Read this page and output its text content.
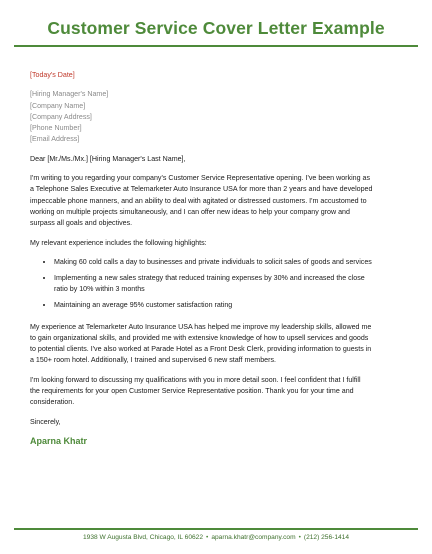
Customer Service Cover Letter Example
[Today's Date]
[Hiring Manager's Name]
[Company Name]
[Company Address]
[Phone Number]
[Email Address]
Dear [Mr./Ms./Mx.] [Hiring Manager's Last Name],
I'm writing to you regarding your company's Customer Service Representative opening. I've been working as
a Telephone Sales Executive at Telemarketer Auto Insurance USA for more than 2 years and have developed
impeccable phone manners, and an ability to deal with agitated or distressed customers. I'm accustomed to
working on multiple projects simultaneously, and I can offer new ideas to help your company grow and
surpass all goals and objectives.
My relevant experience includes the following highlights:
• Making 60 cold calls a day to businesses and private individuals to solicit sales of goods and services
• Implementing a new sales strategy that reduced training expenses by 30% and increased the close
ratio by 10% within 3 months
• Maintaining an average 95% customer satisfaction rating
My experience at Telemarketer Auto Insurance USA has helped me improve my leadership skills, allowed me
to gain organizational skills, and provided me with extensive knowledge of how to upsell services and goods
to potential clients. I've also worked at Parade Hotel as a Front Desk Clerk, providing information to guests in
a 150+ room hotel. Additionally, I trained and supervised 6 new staff members.
I'm looking forward to discussing my qualifications with you in more detail soon. I feel confident that I fulfill
the requirements for your open Customer Service Representative position. Thank you for your time and
consideration.
Sincerely,
Aparna Khatr
1938 W Augusta Blvd, Chicago, IL 60622 • aparna.khatr@company.com • (212) 256-1414
